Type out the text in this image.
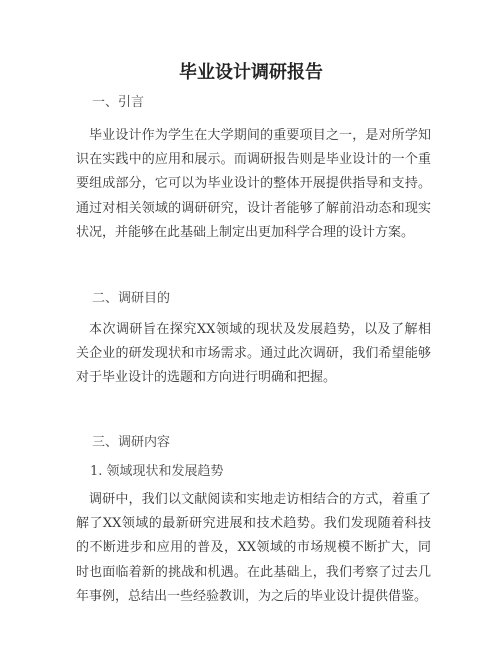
毕业设计调研报告

一、引言

毕业设计作为学生在大学期间的重要项目之一，是对所学知识在实践中的应用和展示。而调研报告则是毕业设计的一个重要组成部分，它可以为毕业设计的整体开展提供指导和支持。通过对相关领域的调研研究，设计者能够了解前沿动态和现实状况，并能够在此基础上制定出更加科学合理的设计方案。

二、调研目的

本次调研旨在探究XX领域的现状及发展趋势，以及了解相关企业的研发现状和市场需求。通过此次调研，我们希望能够对于毕业设计的选题和方向进行明确和把握。

三、调研内容

1. 领域现状和发展趋势

调研中，我们以文献阅读和实地走访相结合的方式，着重了解了XX领域的最新研究进展和技术趋势。我们发现随着科技的不断进步和应用的普及，XX领域的市场规模不断扩大，同时也面临着新的挑战和机遇。在此基础上，我们考察了过去几年事例，总结出一些经验教训，为之后的毕业设计提供借鉴。
